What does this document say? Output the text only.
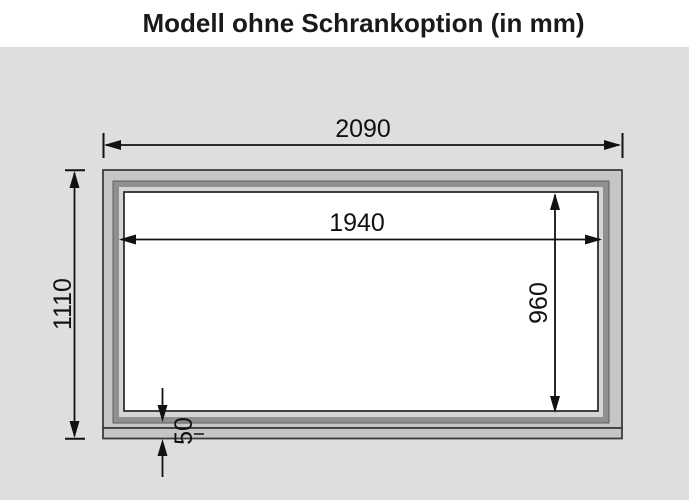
Modell ohne Schrankoption (in mm)
2090
1110
1940
960
50
